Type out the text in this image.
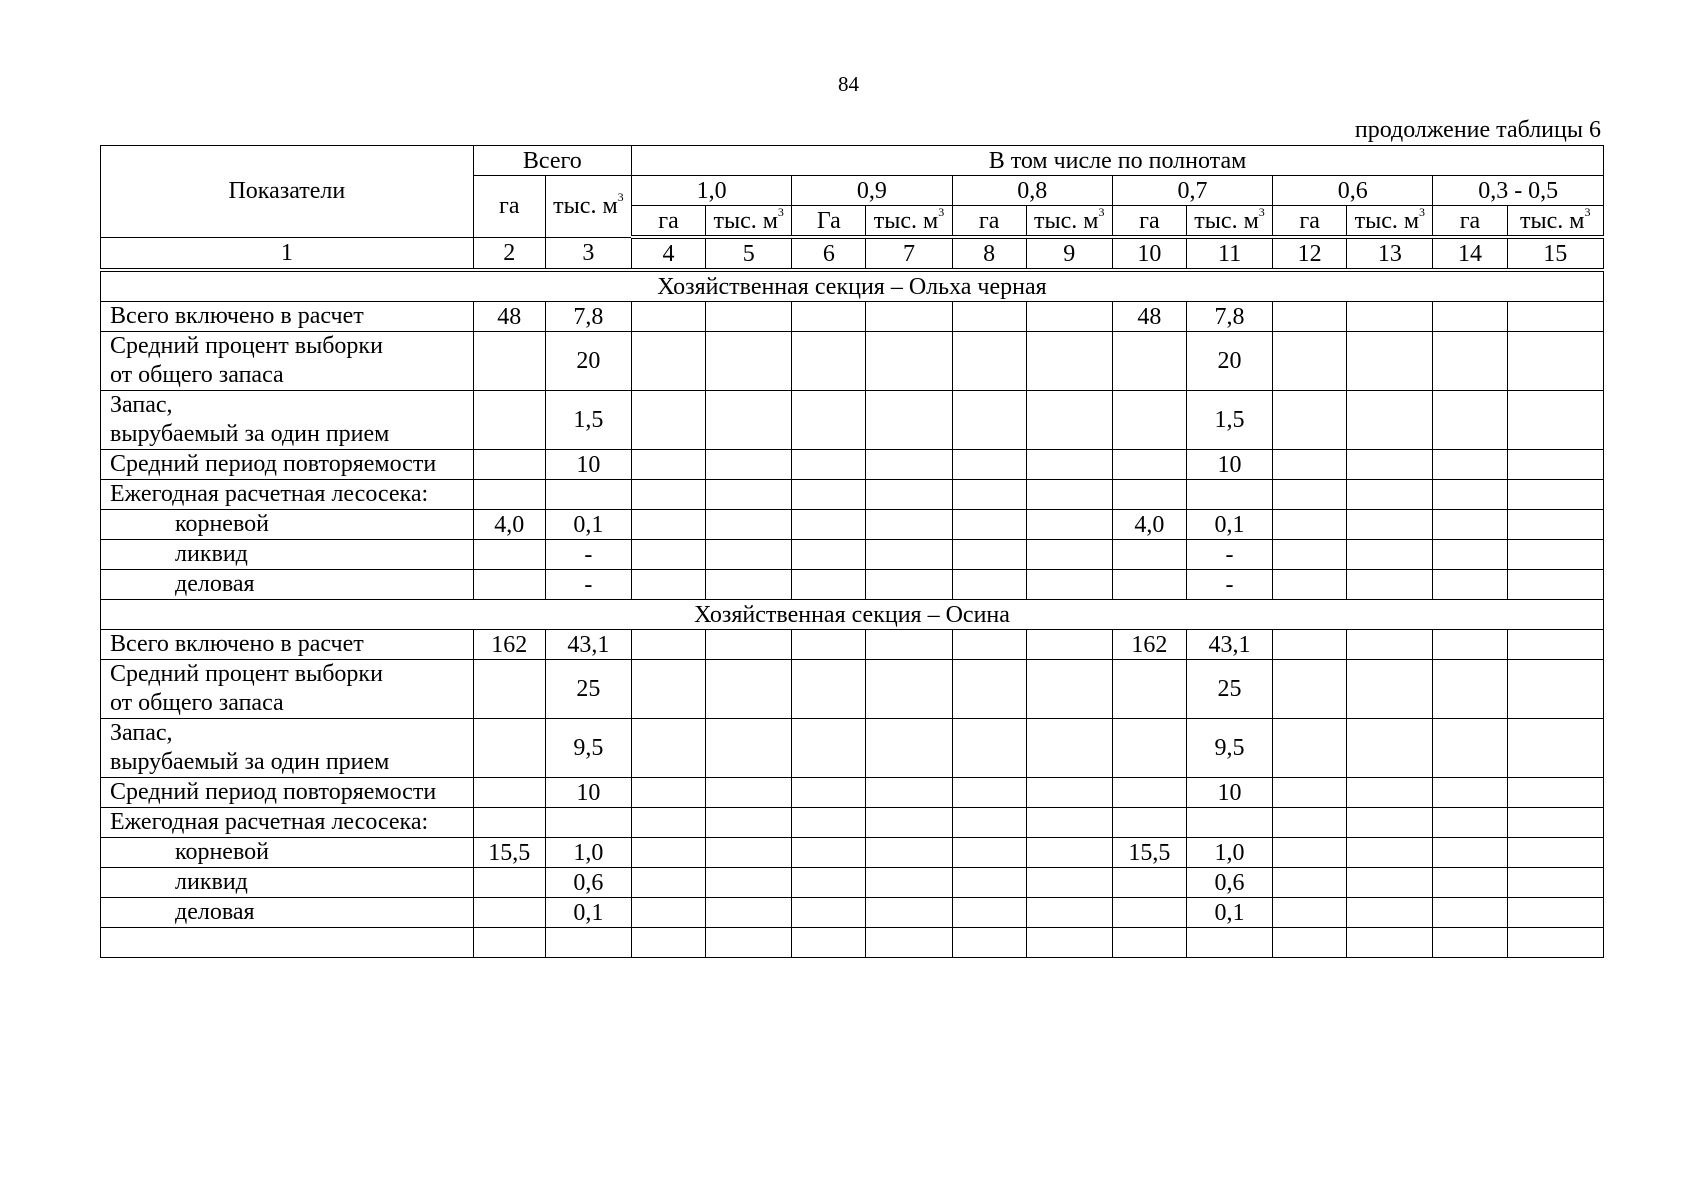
84
продолжение таблицы 6
Показатели	Всего		В том числе по полнотам											
	га	тыс. $м^3$	1,0		0,9		0,8		0,7		0,6		0,3 - 0,5	
			га	тыс. $м^3$	Га	тыс. $м^3$	га	тыс. $м^3$	га	тыс. $м^3$	га	тыс. $м^3$	га	тыс. $м^3$
1	2	3	4	5	6	7	8	9	10	11	12	13	14	15
Хозяйственная секция – Ольха черная														
Всего включено в расчет	48	7,8							48	7,8				
Средний процент выборки
от общего запаса		20								20				
Запас,
вырубаемый за один прием		1,5								1,5				
Средний период повторяемости		10								10				
Ежегодная расчетная лесосека:														
корневой	4,0	0,1							4,0	0,1				
ликвид		-								-				
деловая		-								-				
Хозяйственная секция – Осина														
Всего включено в расчет	162	43,1							162	43,1				
Средний процент выборки
от общего запаса		25								25				
Запас,
вырубаемый за один прием		9,5								9,5				
Средний период повторяемости		10								10				
Ежегодная расчетная лесосека:														
корневой	15,5	1,0							15,5	1,0				
ликвид		0,6								0,6				
деловая		0,1								0,1				
